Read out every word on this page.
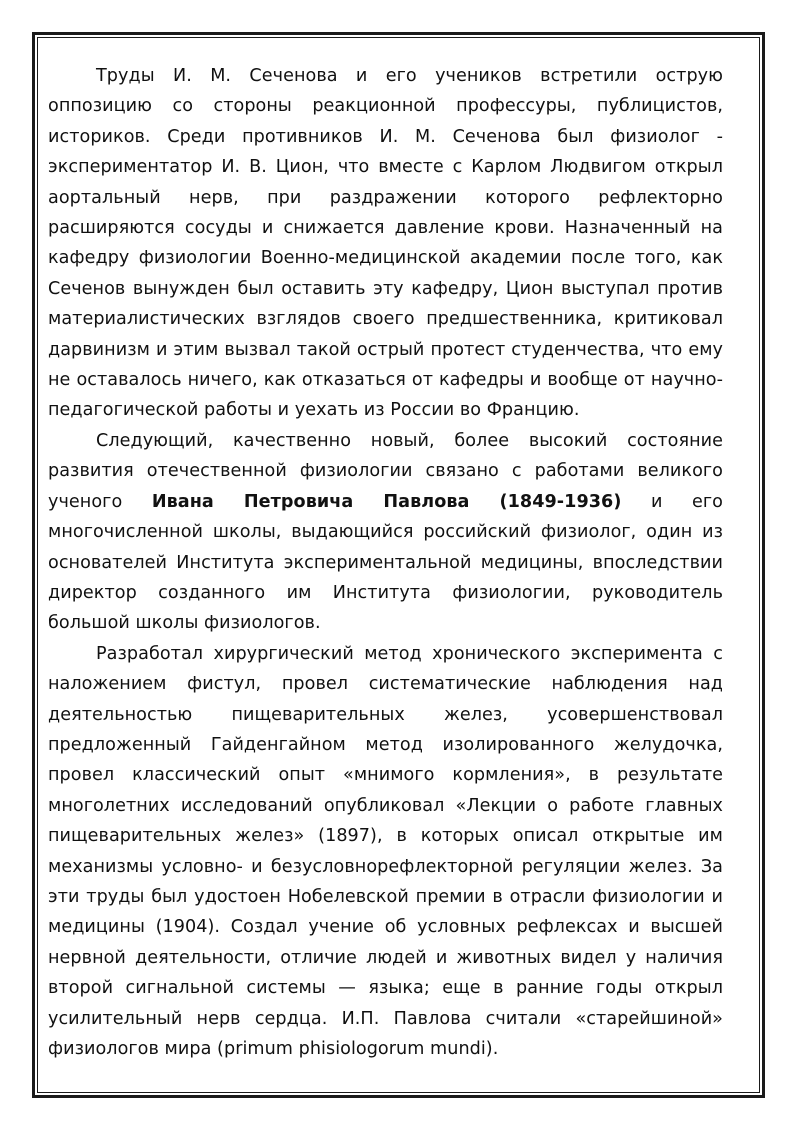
Труды И. М. Сеченова и его учеников встретили острую оппозицию со стороны реакционной профессуры, публицистов, историков. Среди противников И. М. Сеченова был физиолог - экспериментатор И. В. Цион, что вместе с Карлом Людвигом открыл аортальный нерв, при раздражении которого рефлекторно расширяются сосуды и снижается давление крови. Назначенный на кафедру физиологии Военно-медицинской академии после того, как Сеченов вынужден был оставить эту кафедру, Цион выступал против материалистических взглядов своего предшественника, критиковал дарвинизм и этим вызвал такой острый протест студенчества, что ему не оставалось ничего, как отказаться от кафедры и вообще от научно-педагогической работы и уехать из России во Францию.

Следующий, качественно новый, более высокий состояние развития отечественной физиологии связано с работами великого ученого Ивана Петровича Павлова (1849-1936) и его многочисленной школы, выдающийся российский физиолог, один из основателей Института экспериментальной медицины, впоследствии директор созданного им Института физиологии, руководитель большой школы физиологов.

Разработал хирургический метод хронического эксперимента с наложением фистул, провел систематические наблюдения над деятельностью пищеварительных желез, усовершенствовал предложенный Гайденгайном метод изолированного желудочка, провел классический опыт «мнимого кормления», в результате многолетних исследований опубликовал «Лекции о работе главных пищеварительных желез» (1897), в которых описал открытые им механизмы условно- и безусловнорефлекторной регуляции желез. За эти труды был удостоен Нобелевской премии в отрасли физиологии и медицины (1904). Создал учение об условных рефлексах и высшей нервной деятельности, отличие людей и животных видел у наличия второй сигнальной системы — языка; еще в ранние годы открыл усилительный нерв сердца. И.П. Павлова считали «старейшиной» физиологов мира (primum phisiologorum mundi).
